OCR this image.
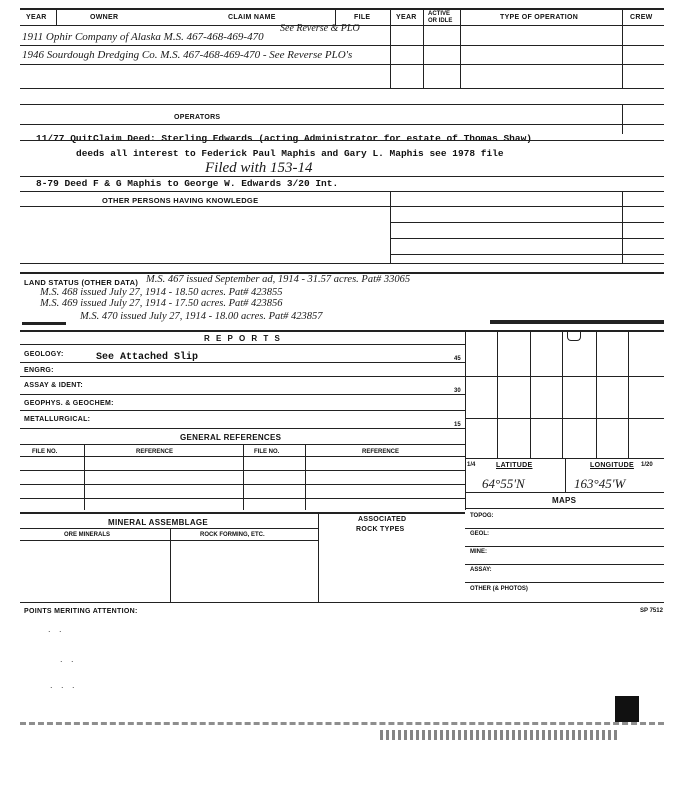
YEAR	OWNER	CLAIM NAME	FILE	YEAR ACTIVE OR IDLE	TYPE OF OPERATION	CREW
See Reverse & PLO
1911 Ophir Company of Alaska M.S. 467-468-469-470
1946 Sourdough Dredging Co. M.S. 467-468-469-470 - See Reverse PLO's
OPERATORS
11/77 QuitClaim Deed: Sterling Edwards (acting Administrator for estate of Thomas Shaw)
deeds all interest to Federick Paul Maphis and Gary L. Maphis see 1978 file
Filed with 153-14
8-79 Deed F & G Maphis to George W. Edwards 3/20 Int.
OTHER PERSONS HAVING KNOWLEDGE
LAND STATUS (OTHER DATA) M.S. 467 issued September ad, 1914 - 31.57 acres. Pat# 33065
M.S. 468 issued July 27, 1914 - 18.50 acres. Pat# 423855
M.S. 469 issued July 27, 1914 - 17.50 acres. Pat# 423856
M.S. 470 issued July 27, 1914 - 18.00 acres. Pat# 423857
R E P O R T S
GEOLOGY:	See Attached Slip	45
ENGRG:
ASSAY & IDENT:
30
GEOPHYS. & GEOCHEM:
METALLURGICAL:
15
GENERAL REFERENCES
FILE NO.	REFERENCE	FILE NO.	REFERENCE
1/4	LATITUDE	LONGITUDE 1/20
64°55'N	163°45'W
MAPS
MINERAL ASSEMBLAGE	ASSOCIATED
ROCK TYPES
ORE MINERALS	ROCK FORMING, ETC.
TOPOG:
GEOL:
MINE:
ASSAY:
OTHER (& PHOTOS)
POINTS MERITING ATTENTION:	SP 7512
. .
. .
. . .
